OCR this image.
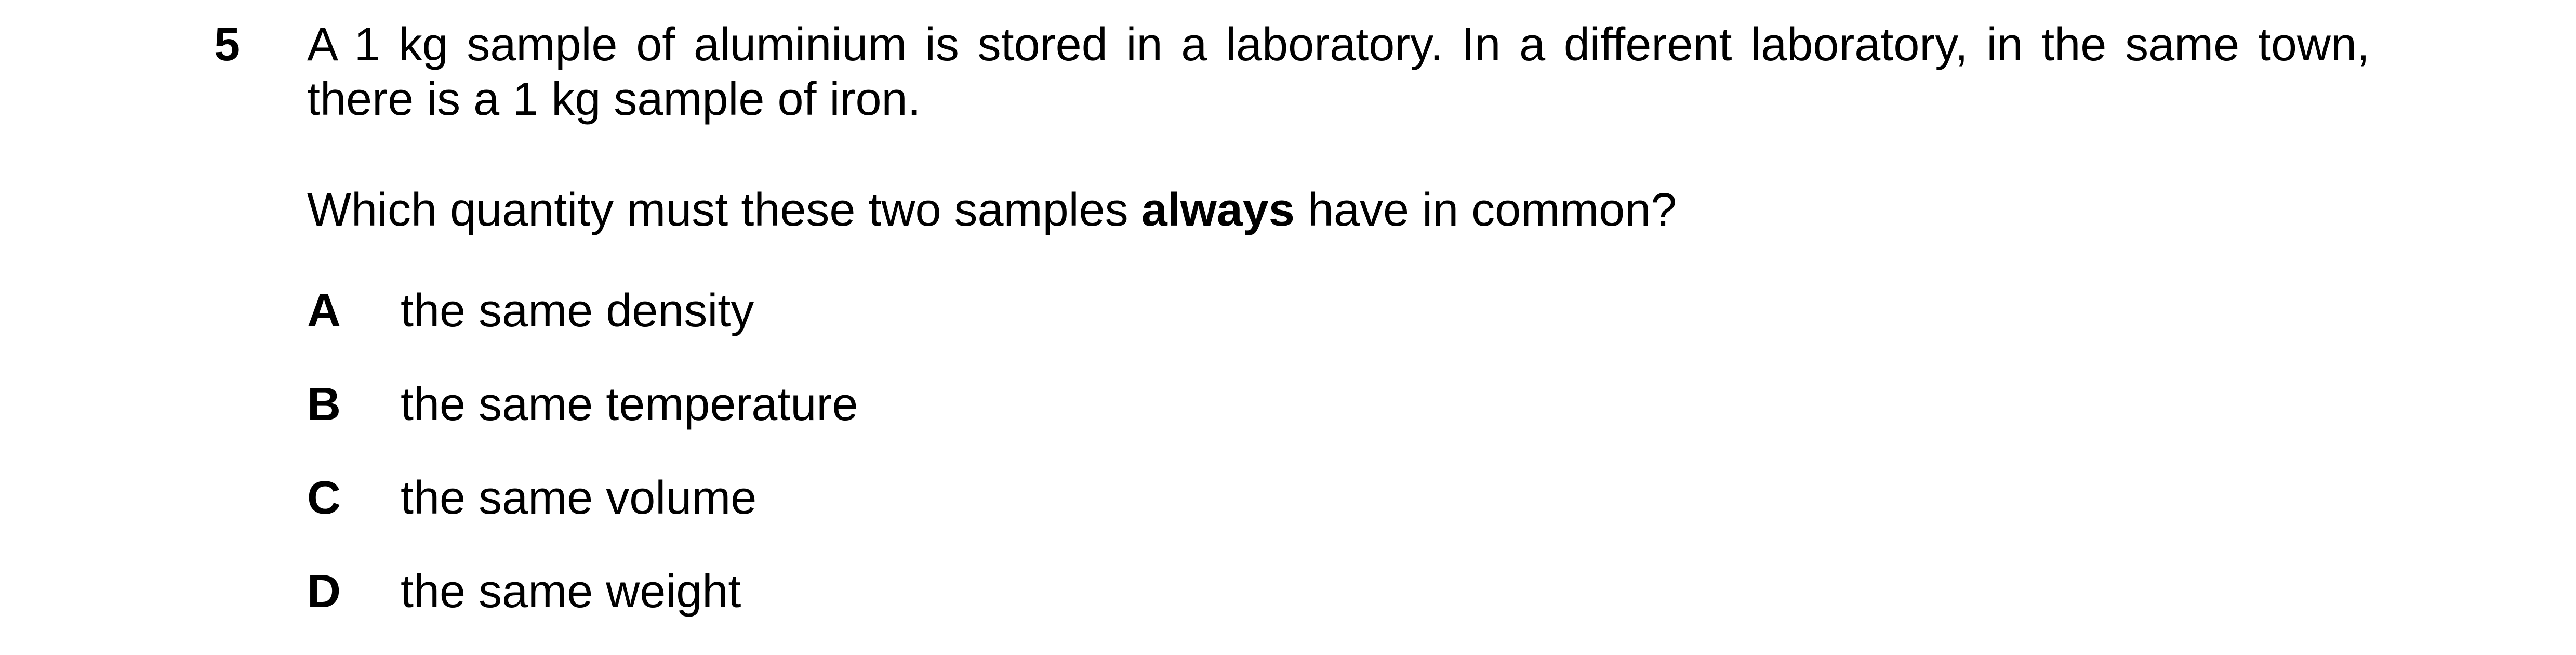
5 A 1 kg sample of aluminium is stored in a laboratory. In a different laboratory, in the same town, there is a 1 kg sample of iron.
Which quantity must these two samples always have in common?
A the same density
B the same temperature
C the same volume
D the same weight
